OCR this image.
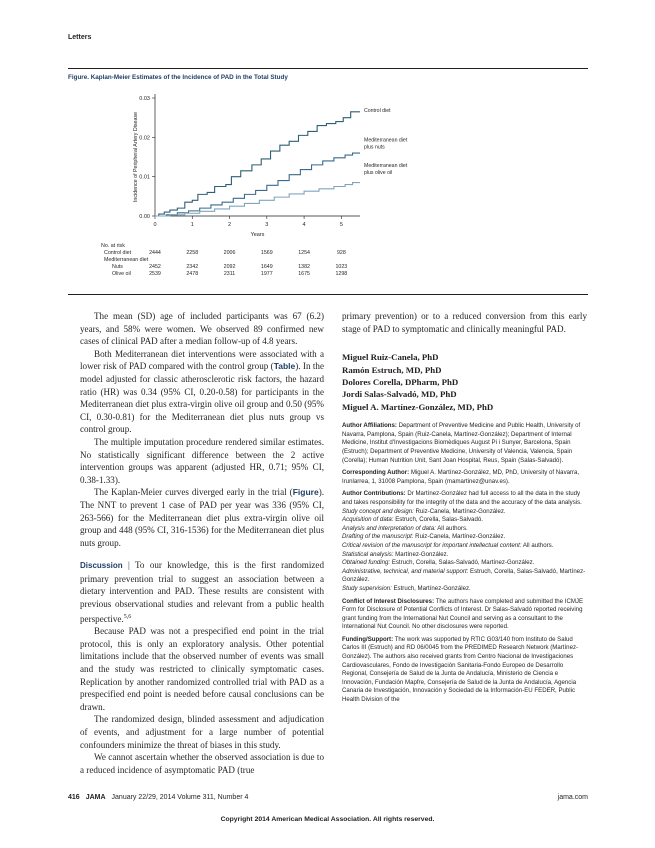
Letters
Figure. Kaplan-Meier Estimates of the Incidence of PAD in the Total Study
0.00
0.01
0.02
0.03
0	1	2	3	4	5
Years
Incidence of Peripheral Artery Disease
Control diet
Mediterranean diet
plus nuts
Mediterranean diet
plus olive oil
No. at risk
Control diet	2444	2258	2006	1569	1254	928
Mediterranean diet
Nuts	2452	2342	2092	1649	1382	1023
Olive oil	2539	2478	2311	1977	1675	1298

The mean (SD) age of included participants was 67 (6.2) years, and 58% were women. We observed 89 confirmed new cases of clinical PAD after a median follow-up of 4.8 years.

Both Mediterranean diet interventions were associated with a lower risk of PAD compared with the control group (Table). In the model adjusted for classic atherosclerotic risk factors, the hazard ratio (HR) was 0.34 (95% CI, 0.20-0.58) for participants in the Mediterranean diet plus extra-virgin olive oil group and 0.50 (95% CI, 0.30-0.81) for the Mediterranean diet plus nuts group vs control group.

The multiple imputation procedure rendered similar estimates. No statistically significant difference between the 2 active intervention groups was apparent (adjusted HR, 0.71; 95% CI, 0.38-1.33).

The Kaplan-Meier curves diverged early in the trial (Figure). The NNT to prevent 1 case of PAD per year was 336 (95% CI, 263-566) for the Mediterranean diet plus extra-virgin olive oil group and 448 (95% CI, 316-1536) for the Mediterranean diet plus nuts group.

Discussion | To our knowledge, this is the first randomized primary prevention trial to suggest an association between a dietary intervention and PAD. These results are consistent with previous observational studies and relevant from a public health perspective.$^{5,6}$

Because PAD was not a prespecified end point in the trial protocol, this is only an exploratory analysis. Other potential limitations include that the observed number of events was small and the study was restricted to clinically symptomatic cases. Replication by another randomized controlled trial with PAD as a prespecified end point is needed before causal conclusions can be drawn.

The randomized design, blinded assessment and adjudication of events, and adjustment for a large number of potential confounders minimize the threat of biases in this study.

We cannot ascertain whether the observed association is due to a reduced incidence of asymptomatic PAD (true

primary prevention) or to a reduced conversion from this early stage of PAD to symptomatic and clinically meaningful PAD.

Miguel Ruiz-Canela, PhD
Ramón Estruch, MD, PhD
Dolores Corella, DPharm, PhD
Jordi Salas-Salvadó, MD, PhD
Miguel A. Martínez-González, MD, PhD
Author Affiliations: Department of Preventive Medicine and Public Health, University of Navarra, Pamplona, Spain (Ruiz-Canela, Martínez-González); Department of Internal Medicine, Institut d'Investigacions Biomèdiques August Pi i Sunyer, Barcelona, Spain (Estruch); Department of Preventive Medicine, University of Valencia, Valencia, Spain (Corella); Human Nutrition Unit, Sant Joan Hospital, Reus, Spain (Salas-Salvadó).
Corresponding Author: Miguel A. Martínez-González, MD, PhD, University of Navarra, Irunlarrea, 1, 31008 Pamplona, Spain (mamartinez@unav.es).
Author Contributions: Dr Martínez-González had full access to all the data in the study and takes responsibility for the integrity of the data and the accuracy of the data analysis.
Study concept and design: Ruiz-Canela, Martínez-González.
Acquisition of data: Estruch, Corella, Salas-Salvadó.
Analysis and interpretation of data: All authors.
Drafting of the manuscript: Ruiz-Canela, Martínez-González.
Critical revision of the manuscript for important intellectual content: All authors.
Statistical analysis: Martínez-González.
Obtained funding: Estruch, Corella, Salas-Salvadó, Martínez-González.
Administrative, technical, and material support: Estruch, Corella, Salas-Salvadó, Martínez-González.
Study supervision: Estruch, Martínez-González.
Conflict of Interest Disclosures: The authors have completed and submitted the ICMJE Form for Disclosure of Potential Conflicts of Interest. Dr Salas-Salvadó reported receiving grant funding from the International Nut Council and serving as a consultant to the International Nut Council. No other disclosures were reported.
Funding/Support: The work was supported by RTIC G03/140 from Instituto de Salud Carlos III (Estruch) and RD 06/0045 from the PREDIMED Research Network (Martínez-González). The authors also received grants from Centro Nacional de Investigaciones Cardiovasculares, Fondo de Investigación Sanitaria-Fondo Europeo de Desarrollo Regional, Consejería de Salud de la Junta de Andalucía, Ministerio de Ciencia e Innovación, Fundación Mapfre, Consejería de Salud de la Junta de Andalucía, Agencia Canaria de Investigación, Innovación y Sociedad de la Información-EU FEDER, Public Health Division of the
416 JAMA January 22/29, 2014 Volume 311, Number 4	jama.com
Copyright 2014 American Medical Association. All rights reserved.
